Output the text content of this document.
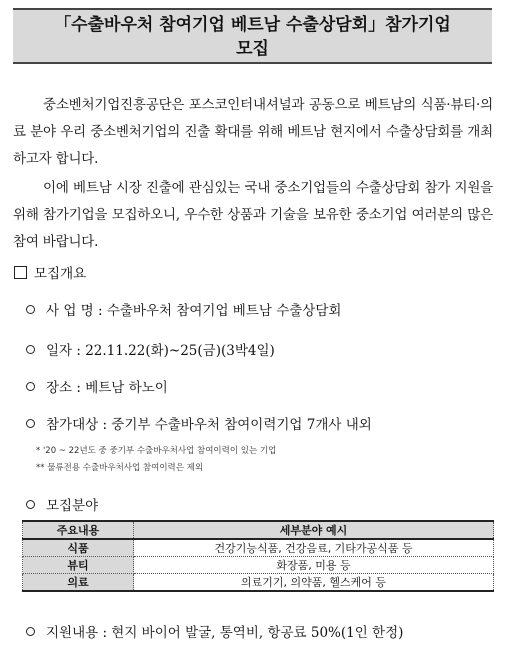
「수출바우처 참여기업 베트남 수출상담회」참가기업
모집
중소벤처기업진흥공단은 포스코인터내셔널과 공동으로 베트남의 식품·뷰티·의료 분야 우리 중소벤처기업의 진출 확대를 위해 베트남 현지에서 수출상담회를 개최하고자 합니다.
이에 베트남 시장 진출에 관심있는 국내 중소기업들의 수출상담회 참가 지원을 위해 참가기업을 모집하오니, 우수한 상품과 기술을 보유한 중소기업 여러분의 많은 참여 바랍니다.
모집개요
사 업 명 : 수출바우처 참여기업 베트남 수출상담회
일자 : 22.11.22(화)~25(금)(3박4일)
장소 : 베트남 하노이
참가대상 : 중기부 수출바우처 참여이력기업 7개사 내외
* '20 ~ 22년도 중 중기부 수출바우처사업 참여이력이 있는 기업
** 물류전용 수출바우처사업 참여이력은 제외
모집분야
주요내용	세부분야 예시
식품	건강기능식품, 건강음료, 기타가공식품 등
뷰티	화장품, 미용 등
의료	의료기기, 의약품, 헬스케어 등
지원내용 : 현지 바이어 발굴, 통역비, 항공료 50%(1인 한정)
